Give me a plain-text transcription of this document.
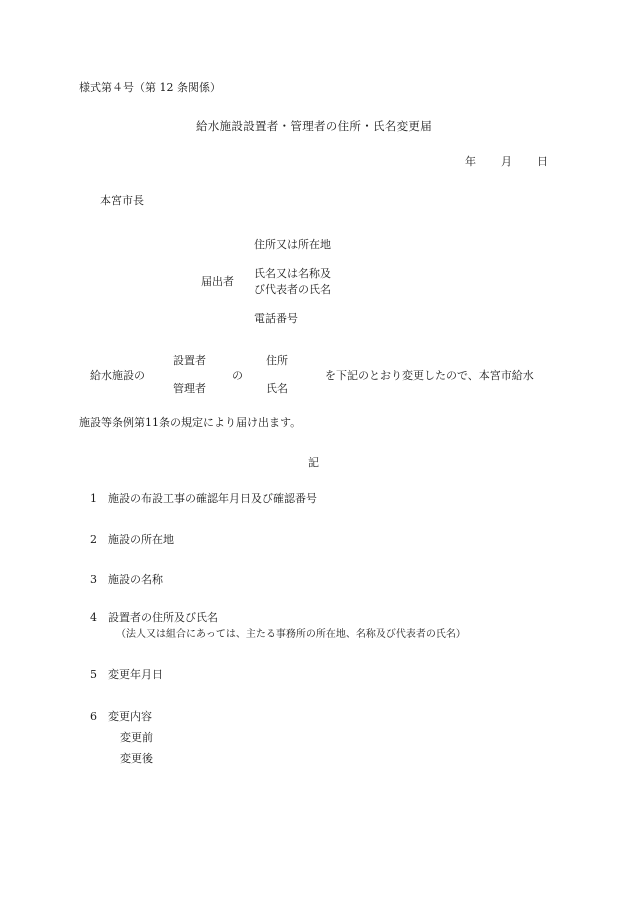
様式第４号（第 12 条関係）
給水施設設置者・管理者の住所・氏名変更届
年 月 日
本宮市長
住所又は所在地
届出者
氏名又は名称及
び代表者の氏名
電話番号
設置者	住所
給水施設の	の	を下記のとおり変更したので、本宮市給水
管理者	氏名
施設等条例第11条の規定により届け出ます。
記
1 施設の布設工事の確認年月日及び確認番号
2 施設の所在地
3 施設の名称
4 設置者の住所及び氏名
（法人又は組合にあっては、主たる事務所の所在地、名称及び代表者の氏名）
5 変更年月日
6 変更内容
変更前
変更後
